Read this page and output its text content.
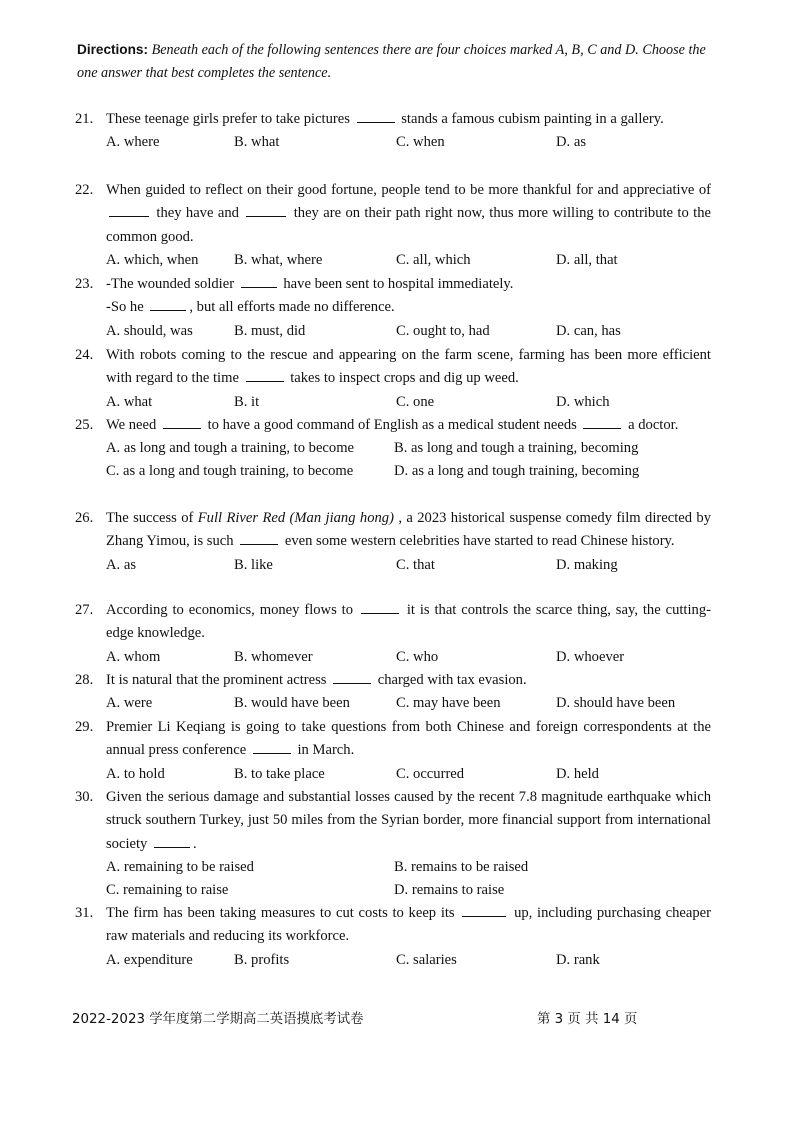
Directions: Beneath each of the following sentences there are four choices marked A, B, C and D. Choose the one answer that best completes the sentence.
21. These teenage girls prefer to take pictures	stands a famous cubism painting in a gallery.
A. where	B. what	C. when	D. as
22. When guided to reflect on their good fortune, people tend to be more thankful for and appreciative of  they have and	they are on their path right now, thus more willing to contribute to the common good.
A. which, when B. what, where	C. all, which	D. all, that
23. -The wounded soldier	have been sent to hospital immediately.
-So he	, but all efforts made no difference.
A. should, was	B. must, did	C. ought to, had	D. can, has
24. With robots coming to the rescue and appearing on the farm scene, farming has been more efficient with regard to the time	takes to inspect crops and dig up weed.
A. what	B. it	C. one	D. which
25. We need	to have a good command of English as a medical student needs	a doctor.
A. as long and tough a training, to become	B. as long and tough a training, becoming
C. as a long and tough training, to become	D. as a long and tough training, becoming
26. The success of Full River Red (Man jiang hong) , a 2023 historical suspense comedy film directed by Zhang Yimou, is such	even some western celebrities have started to read Chinese history.
A. as	B. like	C. that	D. making
27. According to economics, money flows to	it is that controls the scarce thing, say, the cutting-edge knowledge.
A. whom	B. whomever	C. who	D. whoever
28. It is natural that the prominent actress	charged with tax evasion.
A. were	B. would have been	C. may have been	D. should have been
29. Premier Li Keqiang is going to take questions from both Chinese and foreign correspondents at the annual press conference	in March.
A. to hold	B. to take place	C. occurred	D. held
30. Given the serious damage and substantial losses caused by the recent 7.8 magnitude earthquake which struck southern Turkey, just 50 miles from the Syrian border, more financial support from international society	.
A. remaining to be raised	B. remains to be raised
C. remaining to raise	D. remains to raise
31. The firm has been taking measures to cut costs to keep its	up, including purchasing cheaper raw materials and reducing its workforce.
A. expenditure	B. profits	C. salaries	D. rank
2022-2023 学年度第二学期高二英语摸底考试卷	第 3 页 共 14 页
